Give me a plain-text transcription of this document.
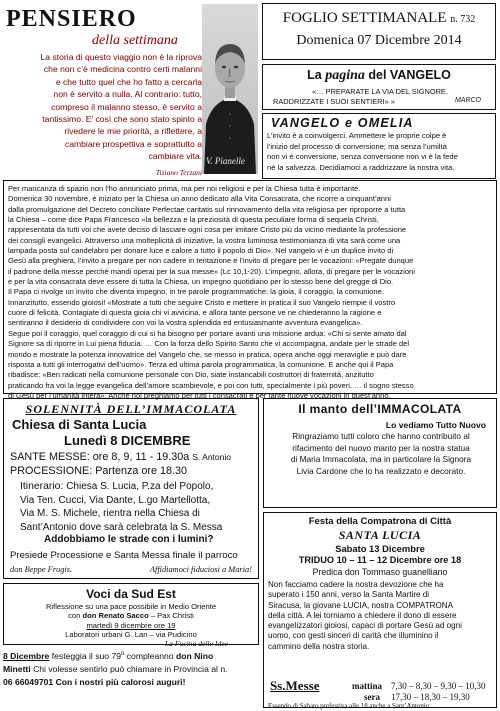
PENSIERO
della settimana
La storia di questo viaggio non è la riprova
che non c’è medicina contro certi malanni
e che tutto quel che ho fatto a cercarla
non è servito a nulla. Al contrario: tutto,
compreso il malanno stesso, è servito a
tantissimo. E’ così che sono stato spinto a
rivedere le mie priorità, a riflettere, a
cambiare prospettiva e soprattutto a
cambiare vita.
Tiziano Terzani
V. Pianelle
FOGLIO SETTIMANALE n. 732
Domenica 07 Dicembre 2014
La pagina del VANGELO
«… PREPARATE LA VIA DEL SIGNORE,
RADDRIZZATE I SUOI SENTIERI» »	MARCO
VANGELO e OMELIA
L’invito è a coinvolgerci. Ammettere le proprie colpe è
l’inizio del processo di conversione; ma senza l’umiltà
non vi è conversione, senza conversione non vi è la fede
né la salvezza. Decidiamoci a raddrizzare la nostra vita.
Per mancanza di spazio non l’ho annunciato prima, ma per noi religiosi e per la Chiesa tutta è importante.
Domenica 30 novembre, è iniziato per la Chiesa un anno dedicato alla Vita Consacrata, che ricorre a cinquant’anni
dalla promulgazione del Decreto conciliare Perfectae caritatis sul rinnovamento della vita religiosa per riproporre a tutta
la Chiesa – come dice Papa Francesco «la bellezza e la preziosità di questa peculiare forma di sequela Christi,
rappresentata da tutti voi che avete deciso di lasciare ogni cosa per imitare Cristo più da vicino mediante la professione
dei consigli evangelici. Attraverso una molteplicità di iniziative, la vostra luminosa testimonianza di vita sarà come una
lampada posta sul candelabro per donare luce e calore a tutto il popolo di Dio». Nel vangelo vi è un duplice invito di
Gesù alla preghiera, l’invito a pregare per non cadere in tentazione e l’invito di pregare per le vocazioni: «Pregate dunque
il padrone della messe perché mandi operai per la sua messe» (Lc 10,1-20). L’impegno, allora, di pregare per le vocazioni
e per la vita consacrata deve essere di tutta la Chiesa, un impegno quotidiano per lo stesso bene del gregge di Dio.
Il Papa ci rivolge un invito che diventa impegno, in tre parole programmatiche: la gioia, il coraggio, la comunione.
Innanzitutto, essendo gioiosi! «Mostrate a tutti che seguire Cristo e mettere in pratica il suo Vangelo riempie il vostro
cuore di felicità. Contagiate di questa gioia chi vi avvicina, e allora tante persone ve ne chiederanno la ragione e
sentiranno il desiderio di condividere con voi la vostra splendida ed entusiasmante avventura evangelica».
Segue poi il coraggio, quel coraggio di cui si ha bisogno per portare avanti una missione ardua: «Chi si sente amato dal
Signore sa di riporre in Lui piena fiducia. … Con la forza dello Spirito Santo che vi accompagna, andate per le strade del
mondo e mostrate la potenza innovatrice del Vangelo che, se messo in pratica, opera anche oggi meraviglie e può dare
risposta a tutti gli interrogativi dell’uomo». Terza ed ultima parola programmatica, la comunione. E anche qui il Papa
ribadisce: «Ben radicati nella comunione personale con Dio, siate instancabili costruttori di fraternità, anzitutto
praticando fra voi la legge evangelica dell’amore scambievole, e poi con tutti, specialmente i più poveri. … il sogno stesso
di Gesù per l’umanità intera». Anche noi preghiamo per tutti i consacrati e per tante nuove vocazioni in quest’anno.
SOLENNITÀ DELL’IMMACOLATA
Chiesa di Santa Lucia
Lunedì 8 DICEMBRE
SANTE MESSE: ore 8, 9, 11 - 19.30a S. Antonio
PROCESSIONE: Partenza ore 18.30
Itinerario: Chiesa S. Lucia, P.za del Popolo,
Via Ten. Cucci, Via Dante, L.go Martellotta,
Via M. S. Michele, rientra nella Chiesa di
Sant’Antonio dove sarà celebrata la S. Messa
Addobbiamo le strade con i lumini?
Presiede Processione e Santa Messa finale il parroco
don Beppe Frugis.	Affidiamoci fiduciosi a Maria!
Voci da Sud Est
Riflessione su una pace possibile in Medio Oriente
con don Renato Sacco – Pax Christi
martedì 9 dicembre ore 19
Laboratori urbani G. Lan – via Pudicino
La Fucina delle Idee
8 Dicembre festeggia il suo 79$^o$ compleanno don Nino
Minetti Chi volesse sentirlo può chiamare in Provincia al n.
06 66049701 Con i nostri più calorosi auguri!
Il manto dell’IMMACOLATA
Lo vediamo Tutto Nuovo
Ringraziamo tutti coloro che hanno contribuito al
rifacimento del nuovo manto per la nostra statua
di Maria Immacolata, ma in particolare la Signora
Livia Cardone che lo ha realizzato e decorato.
Festa della Compatrona di Città
SANTA LUCIA
Sabato 13 Dicembre
TRIDUO 10 – 11 – 12 Dicembre ore 18
Predica don Tommaso guanelliano
Non facciamo cadere la nostra devozione che ha
superato i 150 anni, verso la Santa Martire di
Siracusa, la giovane LUCIA, nostra COMPATRONA
della città. A lei torniamo a chiedere il dono di essere
evangelizzatori gioiosi, capaci di portare Gesù ad ogni
uomo, con gesti sinceri di carità che illuminino il
cammino della nostra storia.
Ss.Messe	mattina 7,30 – 8,30 – 9,30 – 10,30
sera 17,30 – 18,30 – 19,30
Essendo di Sabato prefestiva alle 18 anche a Sant’Antonio
